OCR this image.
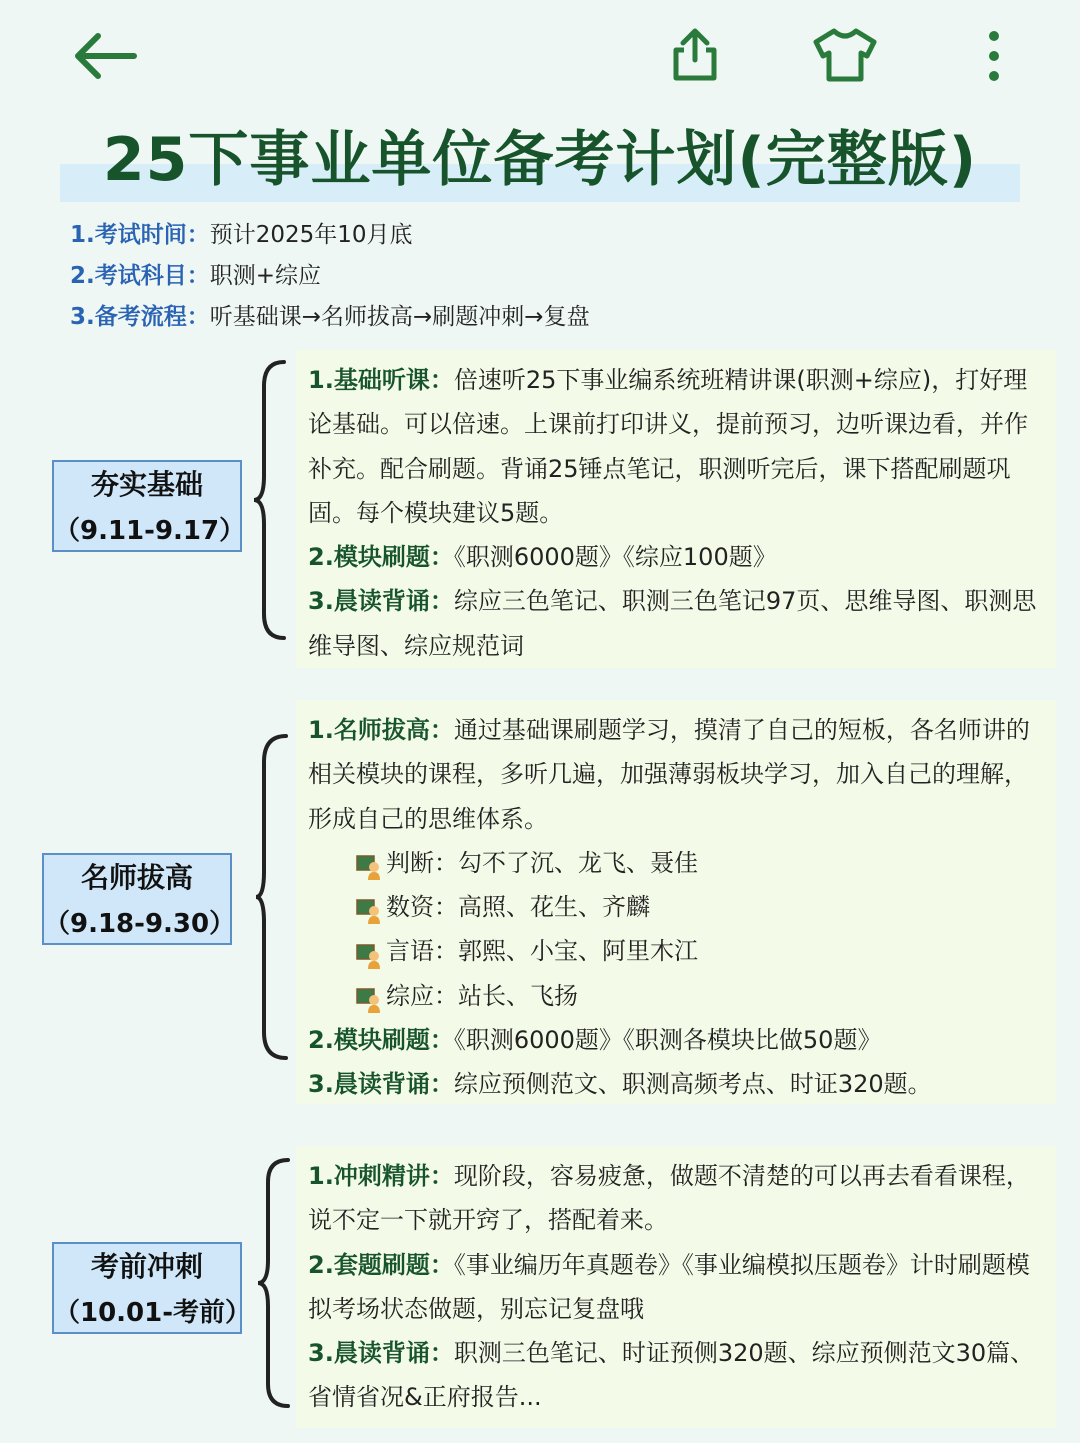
25下事业单位备考计划(完整版)
1.考试时间：预计2025年10月底
2.考试科目：职测+综应
3.备考流程：听基础课→名师拔高→刷题冲刺→复盘
夯实基础
（9.11-9.17）

1.基础听课：倍速听25下事业编系统班精讲课(职测+综应)，打好理论基础。可以倍速。上课前打印讲义，提前预习，边听课边看，并作补充。配合刷题。背诵25锤点笔记，职测听完后，课下搭配刷题巩固。每个模块建议5题。

2.模块刷题：《职测6000题》《综应100题》

3.晨读背诵：综应三色笔记、职测三色笔记97页、思维导图、职测思维导图、综应规范词

名师拔高
（9.18-9.30）

1.名师拔高：通过基础课刷题学习，摸清了自己的短板，各名师讲的相关模块的课程，多听几遍，加强薄弱板块学习，加入自己的理解，形成自己的思维体系。

判断： 勾不了沉、龙飞、聂佳
数资： 高照、花生、齐麟
言语： 郭熙、小宝、阿里木江
综应： 站长、飞扬

2.模块刷题：《职测6000题》《职测各模块比做50题》

3.晨读背诵：综应预侧范文、职测高频考点、时证320题。

考前冲刺
（10.01-考前）

1.冲刺精讲：现阶段，容易疲惫，做题不清楚的可以再去看看课程，说不定一下就开窍了，搭配着来。

2.套题刷题：《事业编历年真题卷》《事业编模拟压题卷》计时刷题模拟考场状态做题，别忘记复盘哦

3.晨读背诵：职测三色笔记、时证预侧320题、综应预侧范文30篇、省情省况&正府报告...
